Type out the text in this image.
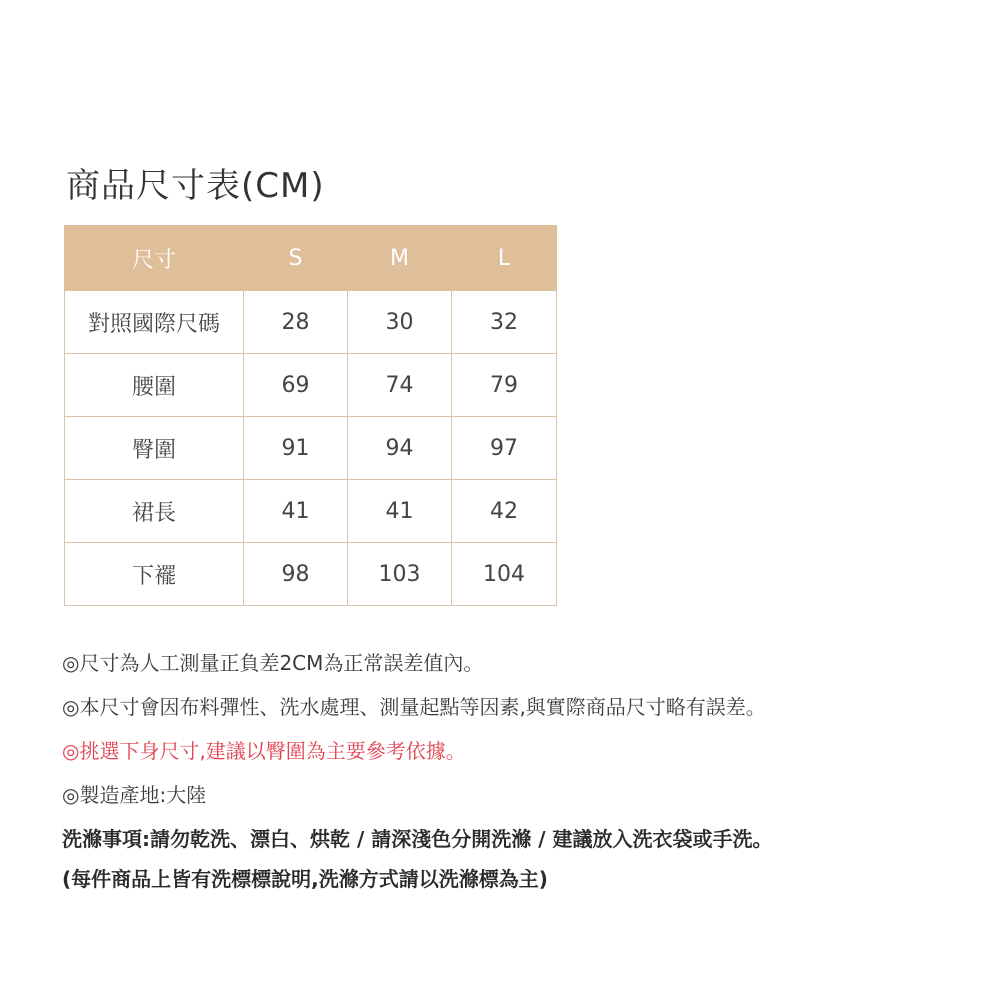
商品尺寸表(CM)
尺寸	S	M	L
對照國際尺碼	28	30	32
腰圍	69	74	79
臀圍	91	94	97
裙長	41	41	42
下襬	98	103	104
◎尺寸為人工測量正負差2CM為正常誤差值內。
◎本尺寸會因布料彈性、洗水處理、測量起點等因素,與實際商品尺寸略有誤差。
◎挑選下身尺寸,建議以臀圍為主要參考依據。
◎製造產地:大陸
洗滌事項:請勿乾洗、漂白、烘乾 / 請深淺色分開洗滌 / 建議放入洗衣袋或手洗。
(每件商品上皆有洗標標說明,洗滌方式請以洗滌標為主)
